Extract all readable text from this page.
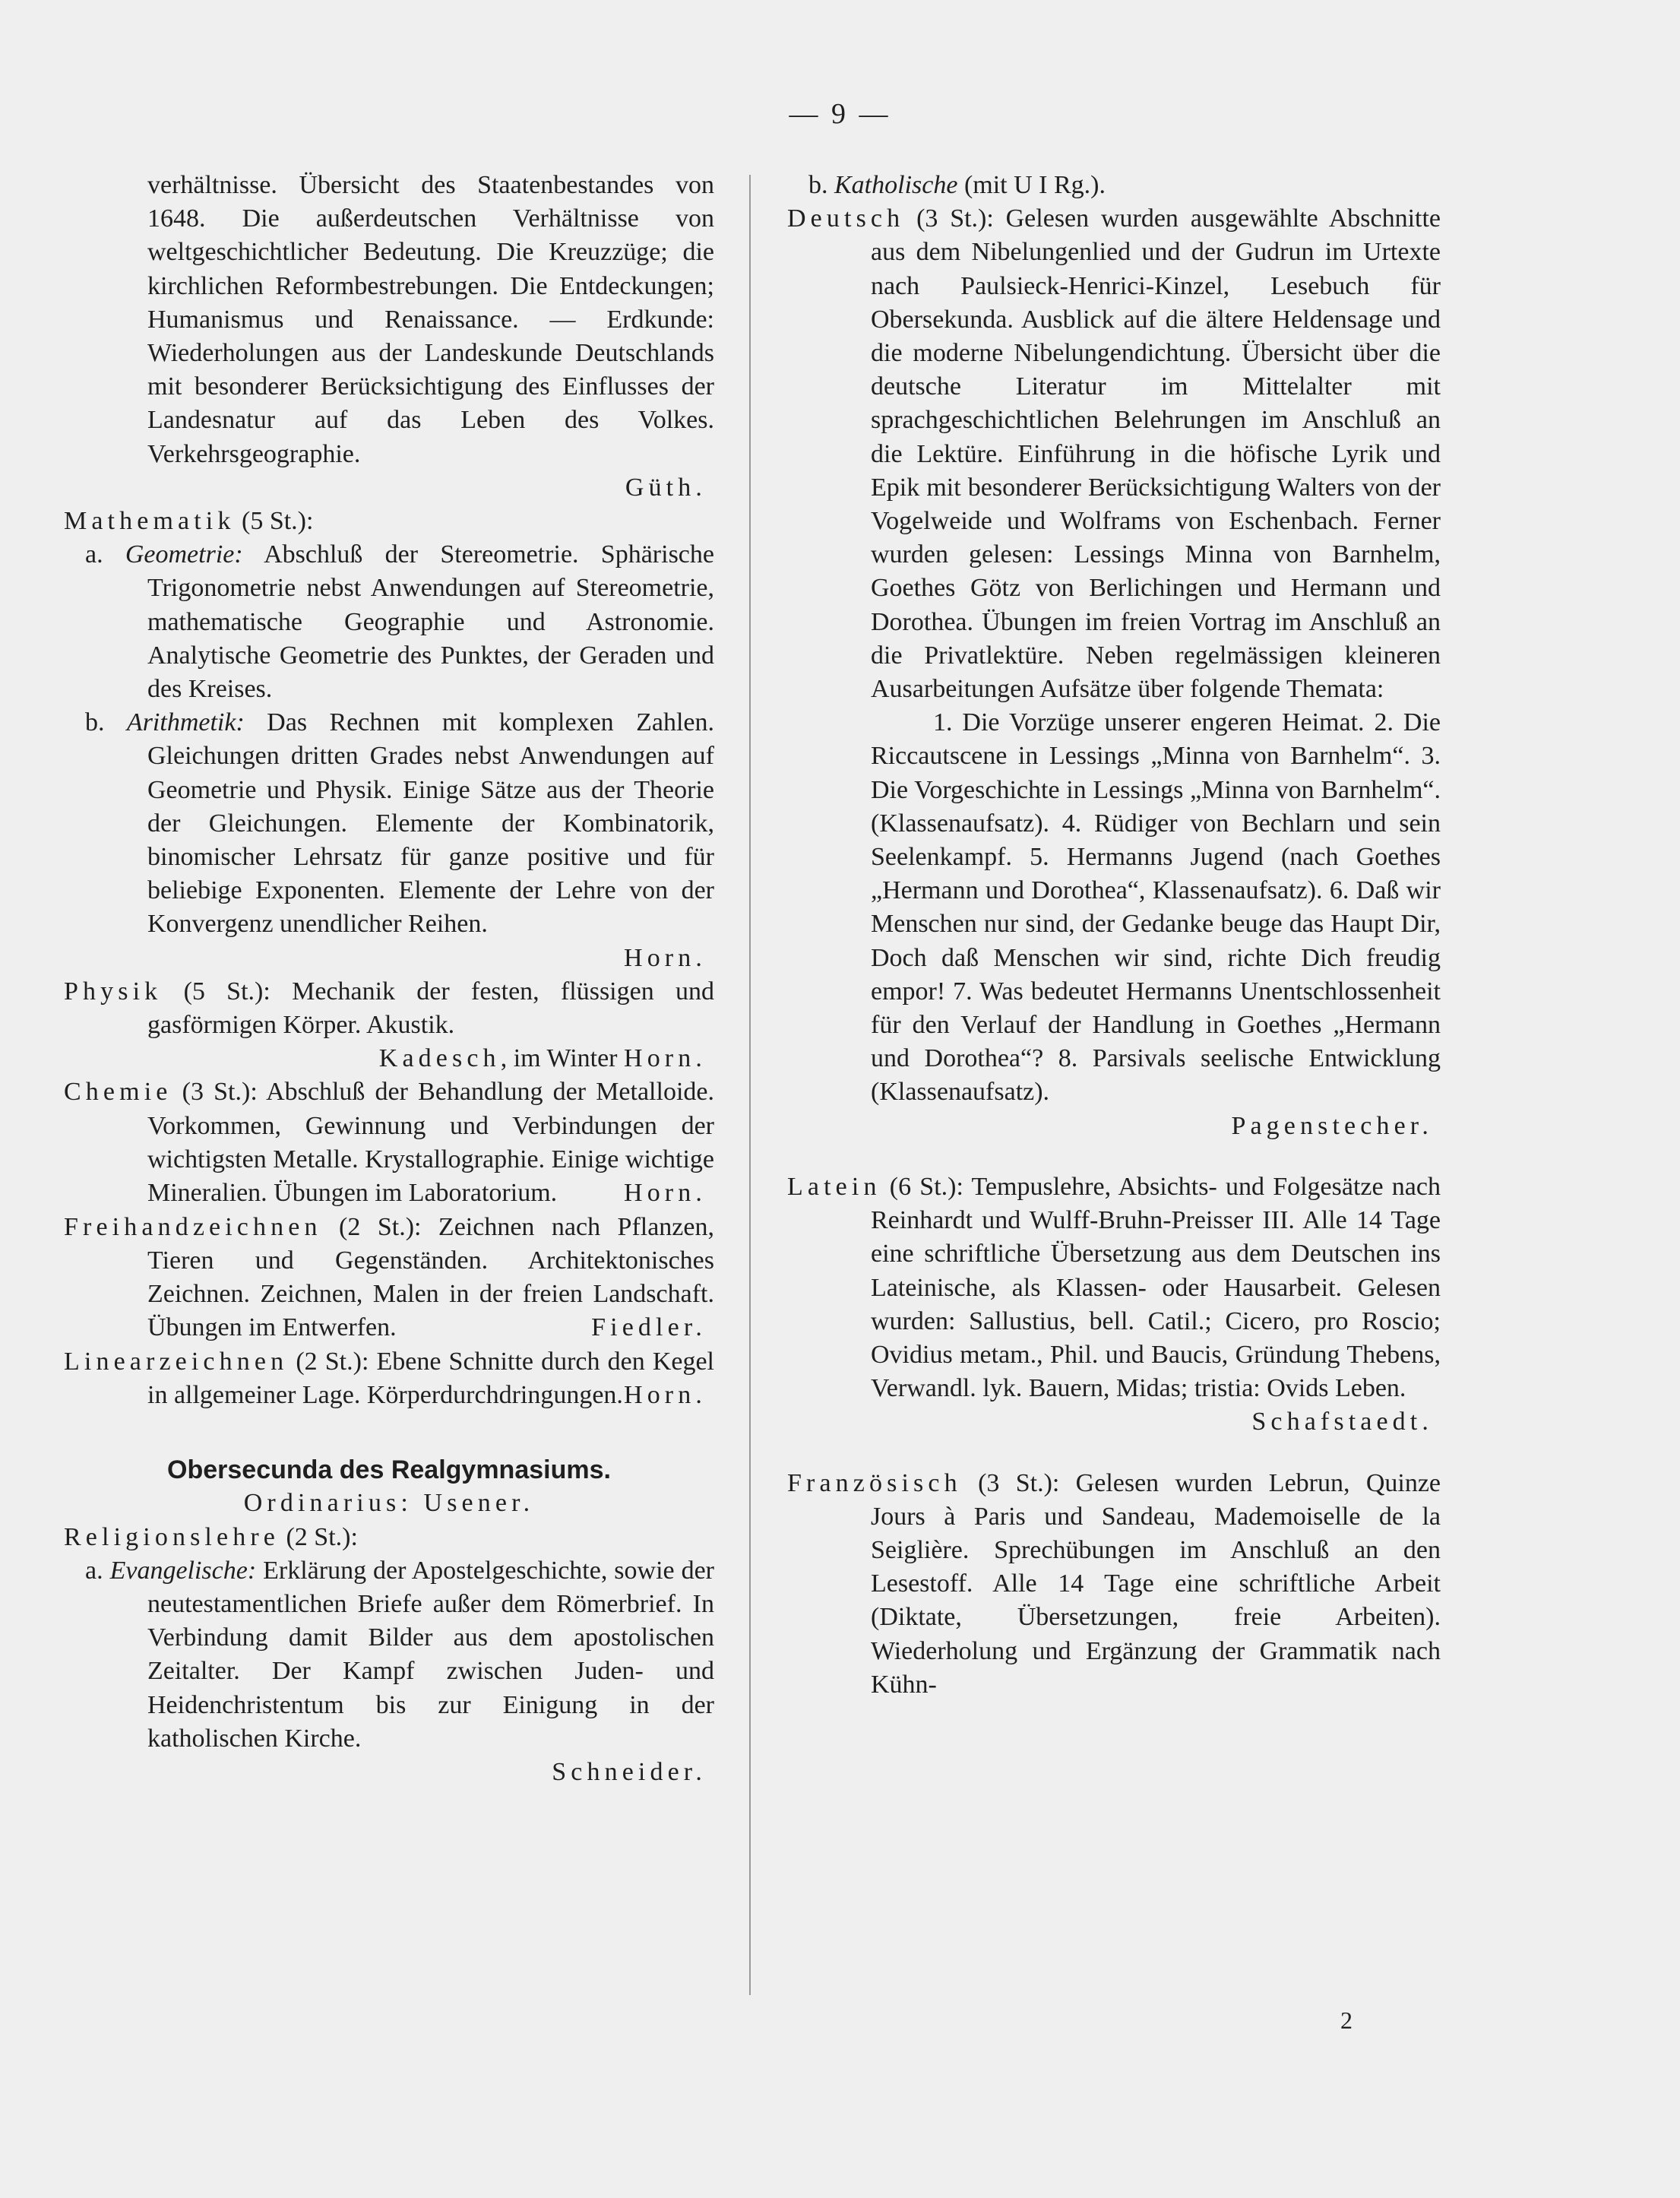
— 9 —
verhältnisse. Übersicht des Staatenbestandes von 1648. Die außerdeutschen Verhältnisse von weltgeschichtlicher Bedeutung. Die Kreuzzüge; die kirchlichen Reformbestrebungen. Die Entdeckungen; Humanismus und Renaissance. — Erdkunde: Wiederholungen aus der Landeskunde Deutschlands mit besonderer Berücksichtigung des Einflusses der Landesnatur auf das Leben des Volkes. Verkehrsgeographie.
Güth.
Mathematik (5 St.):
a. Geometrie: Abschluß der Stereometrie. Sphärische Trigonometrie nebst Anwendungen auf Stereometrie, mathematische Geographie und Astronomie. Analytische Geometrie des Punktes, der Geraden und des Kreises.
b. Arithmetik: Das Rechnen mit komplexen Zahlen. Gleichungen dritten Grades nebst Anwendungen auf Geometrie und Physik. Einige Sätze aus der Theorie der Gleichungen. Elemente der Kombinatorik, binomischer Lehrsatz für ganze positive und für beliebige Exponenten. Elemente der Lehre von der Konvergenz unendlicher Reihen.
Horn.
Physik (5 St.): Mechanik der festen, flüssigen und gasförmigen Körper. Akustik.
Kadesch, im Winter Horn.
Chemie (3 St.): Abschluß der Behandlung der Metalloide. Vorkommen, Gewinnung und Verbindungen der wichtigsten Metalle. Krystallographie. Einige wichtige Mineralien. Übungen im Laboratorium.	Horn.
Freihandzeichnen (2 St.): Zeichnen nach Pflanzen, Tieren und Gegenständen. Architektonisches Zeichnen. Zeichnen, Malen in der freien Landschaft. Übungen im Entwerfen.	Fiedler.
Linearzeichnen (2 St.): Ebene Schnitte durch den Kegel in allgemeiner Lage. Körperdurchdringungen. Horn.
Obersecunda des Realgymnasiums.
Ordinarius: Usener.
Religionslehre (2 St.):
a. Evangelische: Erklärung der Apostelgeschichte, sowie der neutestamentlichen Briefe außer dem Römerbrief. In Verbindung damit Bilder aus dem apostolischen Zeitalter. Der Kampf zwischen Juden- und Heidenchristentum bis zur Einigung in der katholischen Kirche.
Schneider.
b. Katholische (mit U I Rg.).
Deutsch (3 St.): Gelesen wurden ausgewählte Abschnitte aus dem Nibelungenlied und der Gudrun im Urtexte nach Paulsieck-Henrici-Kinzel, Lesebuch für Obersekunda. Ausblick auf die ältere Heldensage und die moderne Nibelungendichtung. Übersicht über die deutsche Literatur im Mittelalter mit sprachgeschichtlichen Belehrungen im Anschluß an die Lektüre. Einführung in die höfische Lyrik und Epik mit besonderer Berücksichtigung Walters von der Vogelweide und Wolframs von Eschenbach. Ferner wurden gelesen: Lessings Minna von Barnhelm, Goethes Götz von Berlichingen und Hermann und Dorothea. Übungen im freien Vortrag im Anschluß an die Privatlektüre. Neben regelmässigen kleineren Ausarbeitungen Aufsätze über folgende Themata:
1. Die Vorzüge unserer engeren Heimat. 2. Die Riccautscene in Lessings „Minna von Barnhelm“. 3. Die Vorgeschichte in Lessings „Minna von Barnhelm“. (Klassenaufsatz). 4. Rüdiger von Bechlarn und sein Seelenkampf. 5. Hermanns Jugend (nach Goethes „Hermann und Dorothea“, Klassenaufsatz). 6. Daß wir Menschen nur sind, der Gedanke beuge das Haupt Dir, Doch daß Menschen wir sind, richte Dich freudig empor! 7. Was bedeutet Hermanns Unentschlossenheit für den Verlauf der Handlung in Goethes „Hermann und Dorothea“? 8. Parsivals seelische Entwicklung (Klassenaufsatz).
Pagenstecher.
Latein (6 St.): Tempuslehre, Absichts- und Folgesätze nach Reinhardt und Wulff-Bruhn-Preisser III. Alle 14 Tage eine schriftliche Übersetzung aus dem Deutschen ins Lateinische, als Klassen- oder Hausarbeit. Gelesen wurden: Sallustius, bell. Catil.; Cicero, pro Roscio; Ovidius metam., Phil. und Baucis, Gründung Thebens, Verwandl. lyk. Bauern, Midas; tristia: Ovids Leben.
Schafstaedt.
Französisch (3 St.): Gelesen wurden Lebrun, Quinze Jours à Paris und Sandeau, Mademoiselle de la Seiglière. Sprechübungen im Anschluß an den Lesestoff. Alle 14 Tage eine schriftliche Arbeit (Diktate, Übersetzungen, freie Arbeiten). Wiederholung und Ergänzung der Grammatik nach Kühn-
2
